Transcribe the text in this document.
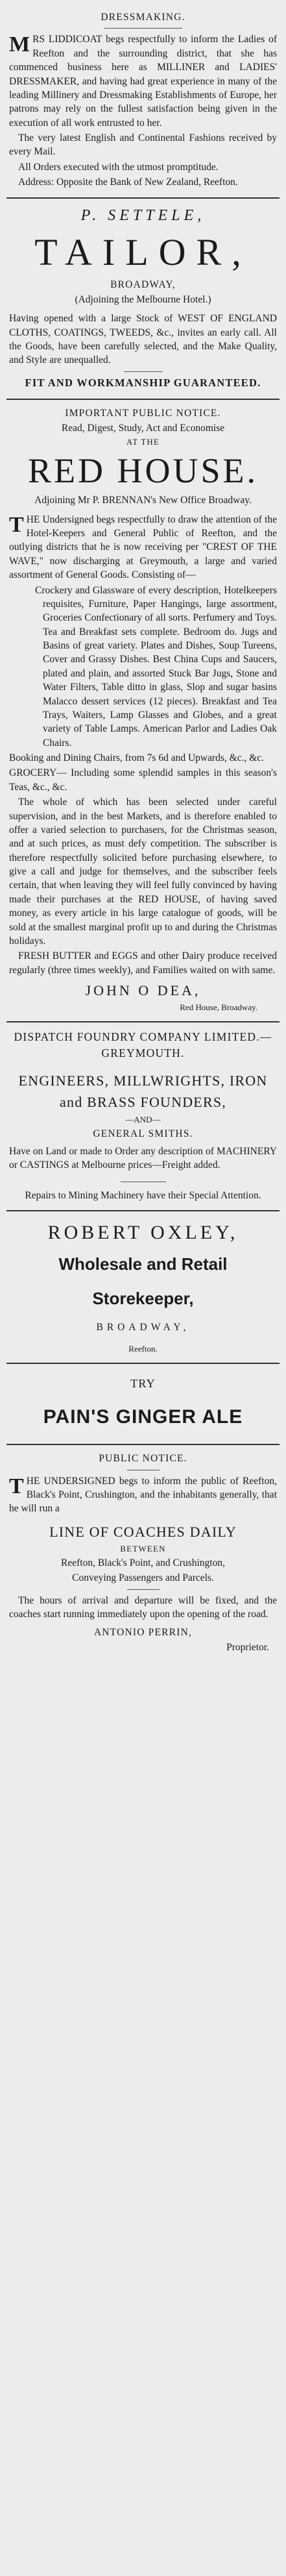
DRESSMAKING.

MRS LIDDICOAT begs respectfully to inform the Ladies of Reefton and the surrounding district, that she has commenced business here as MILLINER and LADIES' DRESSMAKER, and having had great experience in many of the leading Millinery and Dressmaking Establishments of Europe, her patrons may rely on the fullest satisfaction being given in the execution of all work entrusted to her.

The very latest English and Continental Fashions received by every Mail.

All Orders executed with the utmost promptitude.

Address: Opposite the Bank of New Zealand, Reefton.

P. SETTELE,

TAILOR,

BROADWAY,

(Adjoining the Melbourne Hotel.)

Having opened with a large Stock of WEST OF ENGLAND CLOTHS, COATINGS, TWEEDS, &c., invites an early call. All the Goods, have been carefully selected, and the Make Quality, and Style are unequalled.

FIT AND WORKMANSHIP GUARANTEED.

IMPORTANT PUBLIC NOTICE.

Read, Digest, Study, Act and Economise

AT THE

RED HOUSE.

Adjoining Mr P. BRENNAN's New Office Broadway.

THE Undersigned begs respectfully to draw the attention of the Hotel-Keepers and General Public of Reefton, and the outlying districts that he is now receiving per "CREST OF THE WAVE," now discharging at Greymouth, a large and varied assortment of General Goods. Consisting of—

Crockery and Glassware of every description, Hotelkeepers requisites, Furniture, Paper Hangings, large assortment, Groceries Confectionary of all sorts. Perfumery and Toys. Tea and Breakfast sets complete. Bedroom do. Jugs and Basins of great variety. Plates and Dishes, Soup Tureens, Cover and Grassy Dishes. Best China Cups and Saucers, plated and plain, and assorted Stuck Bar Jugs, Stone and Water Filters, Table ditto in glass, Slop and sugar basins Malacco dessert services (12 pieces). Breakfast and Tea Trays, Waiters, Lamp Glasses and Globes, and a great variety of Table Lamps. American Parlor and Ladies Oak Chairs.

Booking and Dining Chairs, from 7s 6d and Upwards, &c., &c.

GROCERY— Including some splendid samples in this season's Teas, &c., &c.

The whole of which has been selected under careful supervision, and in the best Markets, and is therefore enabled to offer a varied selection to purchasers, for the Christmas season, and at such prices, as must defy competition. The subscriber is therefore respectfully solicited before purchasing elsewhere, to give a call and judge for themselves, and the subscriber feels certain, that when leaving they will feel fully convinced by having made their purchases at the RED HOUSE, of having saved money, as every article in his large catalogue of goods, will be sold at the smallest marginal profit up to and during the Christmas holidays.

FRESH BUTTER and EGGS and other Dairy produce received regularly (three times weekly), and Families waited on with same.

JOHN O DEA,

Red House, Broadway.

DISPATCH FOUNDRY COMPANY LIMITED.—GREYMOUTH.

ENGINEERS, MILLWRIGHTS, IRON and BRASS FOUNDERS,

—AND—

GENERAL SMITHS.

Have on Land or made to Order any description of MACHINERY or CASTINGS at Melbourne prices—Freight added.

Repairs to Mining Machinery have their Special Attention.

ROBERT OXLEY,
Wholesale and Retail
Storekeeper,

BROADWAY,

Reefton.

TRY

PAIN'S GINGER ALE

PUBLIC NOTICE.

THE UNDERSIGNED begs to inform the public of Reefton, Black's Point, Crushington, and the inhabitants generally, that he will run a

LINE OF COACHES DAILY

BETWEEN

Reefton, Black's Point, and Crushington,

Conveying Passengers and Parcels.

The hours of arrival and departure will be fixed, and the coaches start running immediately upon the opening of the road.

ANTONIO PERRIN,

Proprietor.
